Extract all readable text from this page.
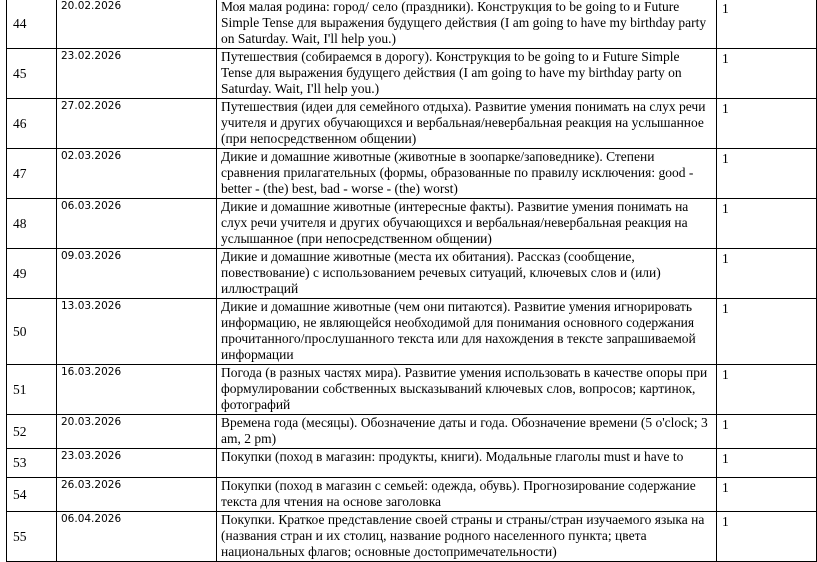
44	20.02.2026	Моя малая родина: город/ село (праздники). Конструкция to be going to и Future Simple Tense для выражения будущего действия (I am going to have my birthday party on Saturday. Wait, I'll help you.)	1
45	23.02.2026	Путешествия (собираемся в дорогу). Конструкция to be going to и Future Simple Tense для выражения будущего действия (I am going to have my birthday party on Saturday. Wait, I'll help you.)	1
46	27.02.2026	Путешествия (идеи для семейного отдыха). Развитие умения понимать на слух речи учителя и других обучающихся и вербальная/невербальная реакция на услышанное (при непосредственном общении)	1
47	02.03.2026	Дикие и домашние животные (животные в зоопарке/заповеднике). Степени сравнения прилагательных (формы, образованные по правилу исключения: good - better - (the) best, bad - worse - (the) worst)	1
48	06.03.2026	Дикие и домашние животные (интересные факты). Развитие умения понимать на слух речи учителя и других обучающихся и вербальная/невербальная реакция на услышанное (при непосредственном общении)	1
49	09.03.2026	Дикие и домашние животные (места их обитания). Рассказ (сообщение, повествование) с использованием речевых ситуаций, ключевых слов и (или) иллюстраций	1
50	13.03.2026	Дикие и домашние животные (чем они питаются). Развитие умения игнорировать информацию, не являющейся необходимой для понимания основного содержания прочитанного/прослушанного текста или для нахождения в тексте запрашиваемой информации	1
51	16.03.2026	Погода (в разных частях мира). Развитие умения использовать в качестве опоры при формулировании собственных высказываний ключевых слов, вопросов; картинок, фотографий	1
52	20.03.2026	Времена года (месяцы). Обозначение даты и года. Обозначение времени (5 o'clock; 3 am, 2 pm)	1
53	23.03.2026	Покупки (поход в магазин: продукты, книги). Модальные глаголы must и have to	1
54	26.03.2026	Покупки (поход в магазин с семьей: одежда, обувь). Прогнозирование содержание текста для чтения на основе заголовка	1
55	06.04.2026	Покупки. Краткое представление своей страны и страны/стран изучаемого языка на (названия стран и их столиц, название родного населенного пункта; цвета национальных флагов; основные достопримечательности)	1
